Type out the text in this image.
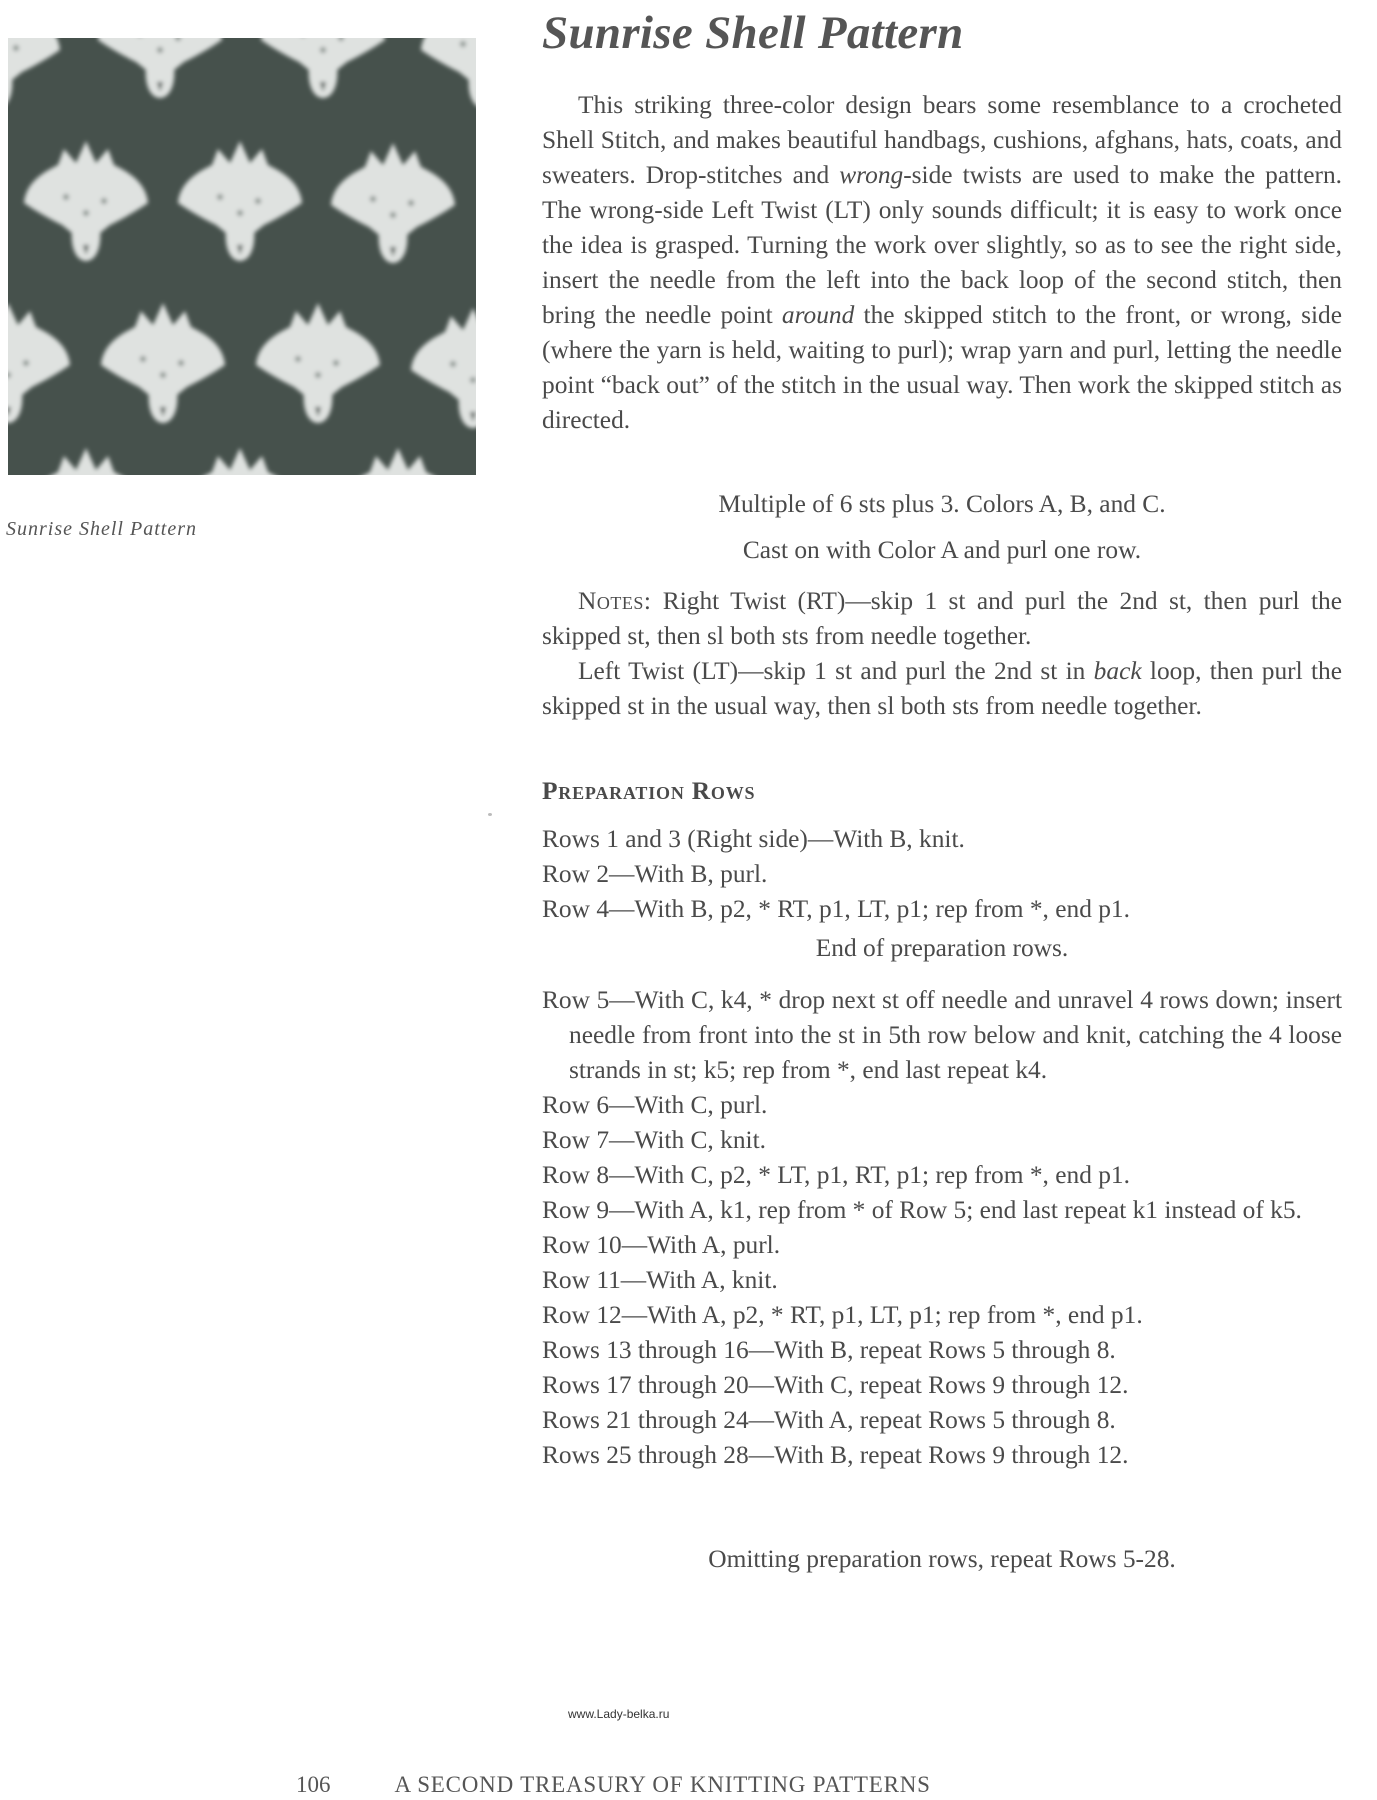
Sunrise Shell Pattern
Sunrise Shell Pattern

This striking three-color design bears some resemblance to a crocheted Shell Stitch, and makes beautiful handbags, cushions, afghans, hats, coats, and sweaters. Drop-stitches and wrong-side twists are used to make the pattern. The wrong-side Left Twist (LT) only sounds difficult; it is easy to work once the idea is grasped. Turning the work over slightly, so as to see the right side, insert the needle from the left into the back loop of the second stitch, then bring the needle point around the skipped stitch to the front, or wrong, side (where the yarn is held, waiting to purl); wrap yarn and purl, letting the needle point “back out” of the stitch in the usual way. Then work the skipped stitch as directed.

Multiple of 6 sts plus 3. Colors A, B, and C.

Cast on with Color A and purl one row.

Notes: Right Twist (RT)—skip 1 st and purl the 2nd st, then purl the skipped st, then sl both sts from needle together.

Left Twist (LT)—skip 1 st and purl the 2nd st in back loop, then purl the skipped st in the usual way, then sl both sts from needle together.

Preparation Rows
Rows 1 and 3 (Right side)—With B, knit.
Row 2—With B, purl.
Row 4—With B, p2, * RT, p1, LT, p1; rep from *, end p1.

End of preparation rows.

Row 5—With C, k4, * drop next st off needle and unravel 4 rows down; insert needle from front into the st in 5th row below and knit, catching the 4 loose strands in st; k5; rep from *, end last repeat k4.
Row 6—With C, purl.
Row 7—With C, knit.
Row 8—With C, p2, * LT, p1, RT, p1; rep from *, end p1.
Row 9—With A, k1, rep from * of Row 5; end last repeat k1 instead of k5.
Row 10—With A, purl.
Row 11—With A, knit.
Row 12—With A, p2, * RT, p1, LT, p1; rep from *, end p1.
Rows 13 through 16—With B, repeat Rows 5 through 8.
Rows 17 through 20—With C, repeat Rows 9 through 12.
Rows 21 through 24—With A, repeat Rows 5 through 8.
Rows 25 through 28—With B, repeat Rows 9 through 12.

Omitting preparation rows, repeat Rows 5-28.

www.Lady-belka.ru
106	A SECOND TREASURY OF KNITTING PATTERNS
